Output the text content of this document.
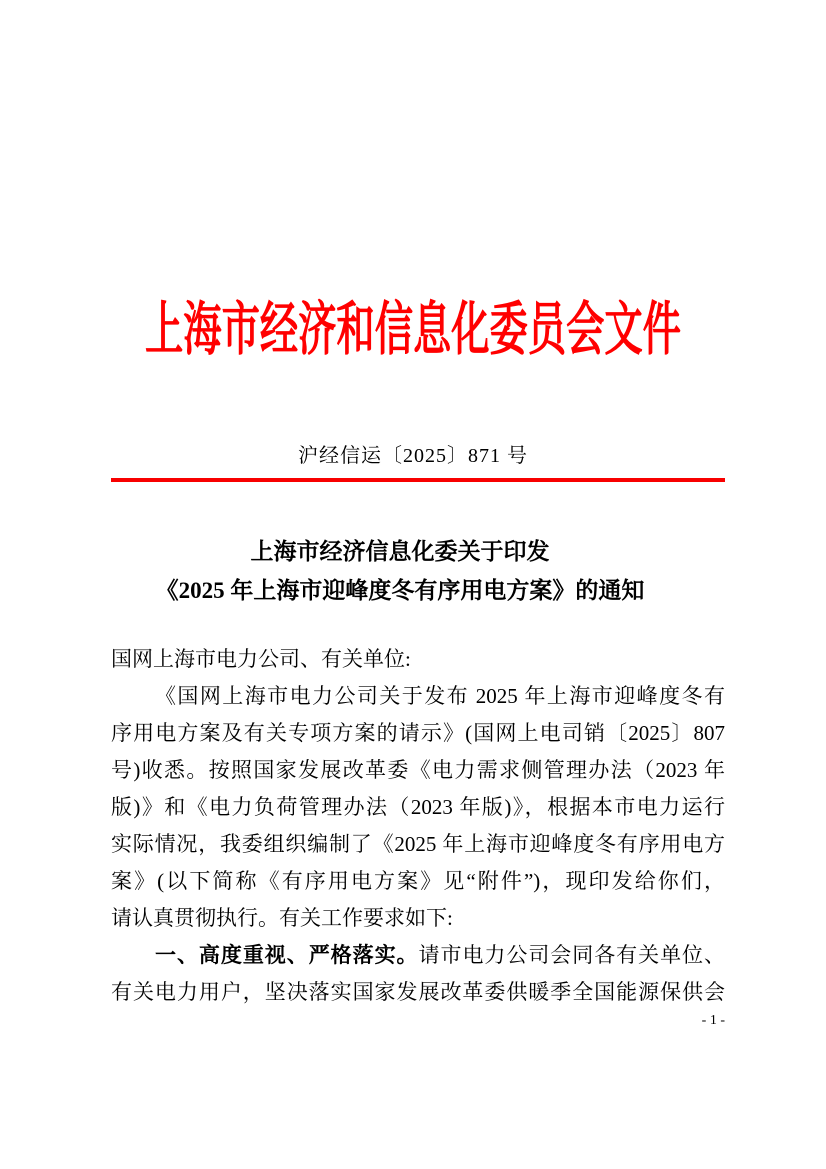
上海市经济和信息化委员会文件
沪经信运〔2025〕871 号
上海市经济信息化委关于印发
《2025 年上海市迎峰度冬有序用电方案》的通知
国网上海市电力公司、有关单位:
《国网上海市电力公司关于发布 2025 年上海市迎峰度冬有
序用电方案及有关专项方案的请示》(国网上电司销〔2025〕807
号)收悉。按照国家发展改革委《电力需求侧管理办法（2023 年
版)》和《电力负荷管理办法（2023 年版)》，根据本市电力运行
实际情况，我委组织编制了《2025 年上海市迎峰度冬有序用电方
案》(以下简称《有序用电方案》见“附件”)，现印发给你们，
请认真贯彻执行。有关工作要求如下:
一、高度重视、严格落实。请市电力公司会同各有关单位、
有关电力用户，坚决落实国家发展改革委供暖季全国能源保供会
- 1 -
